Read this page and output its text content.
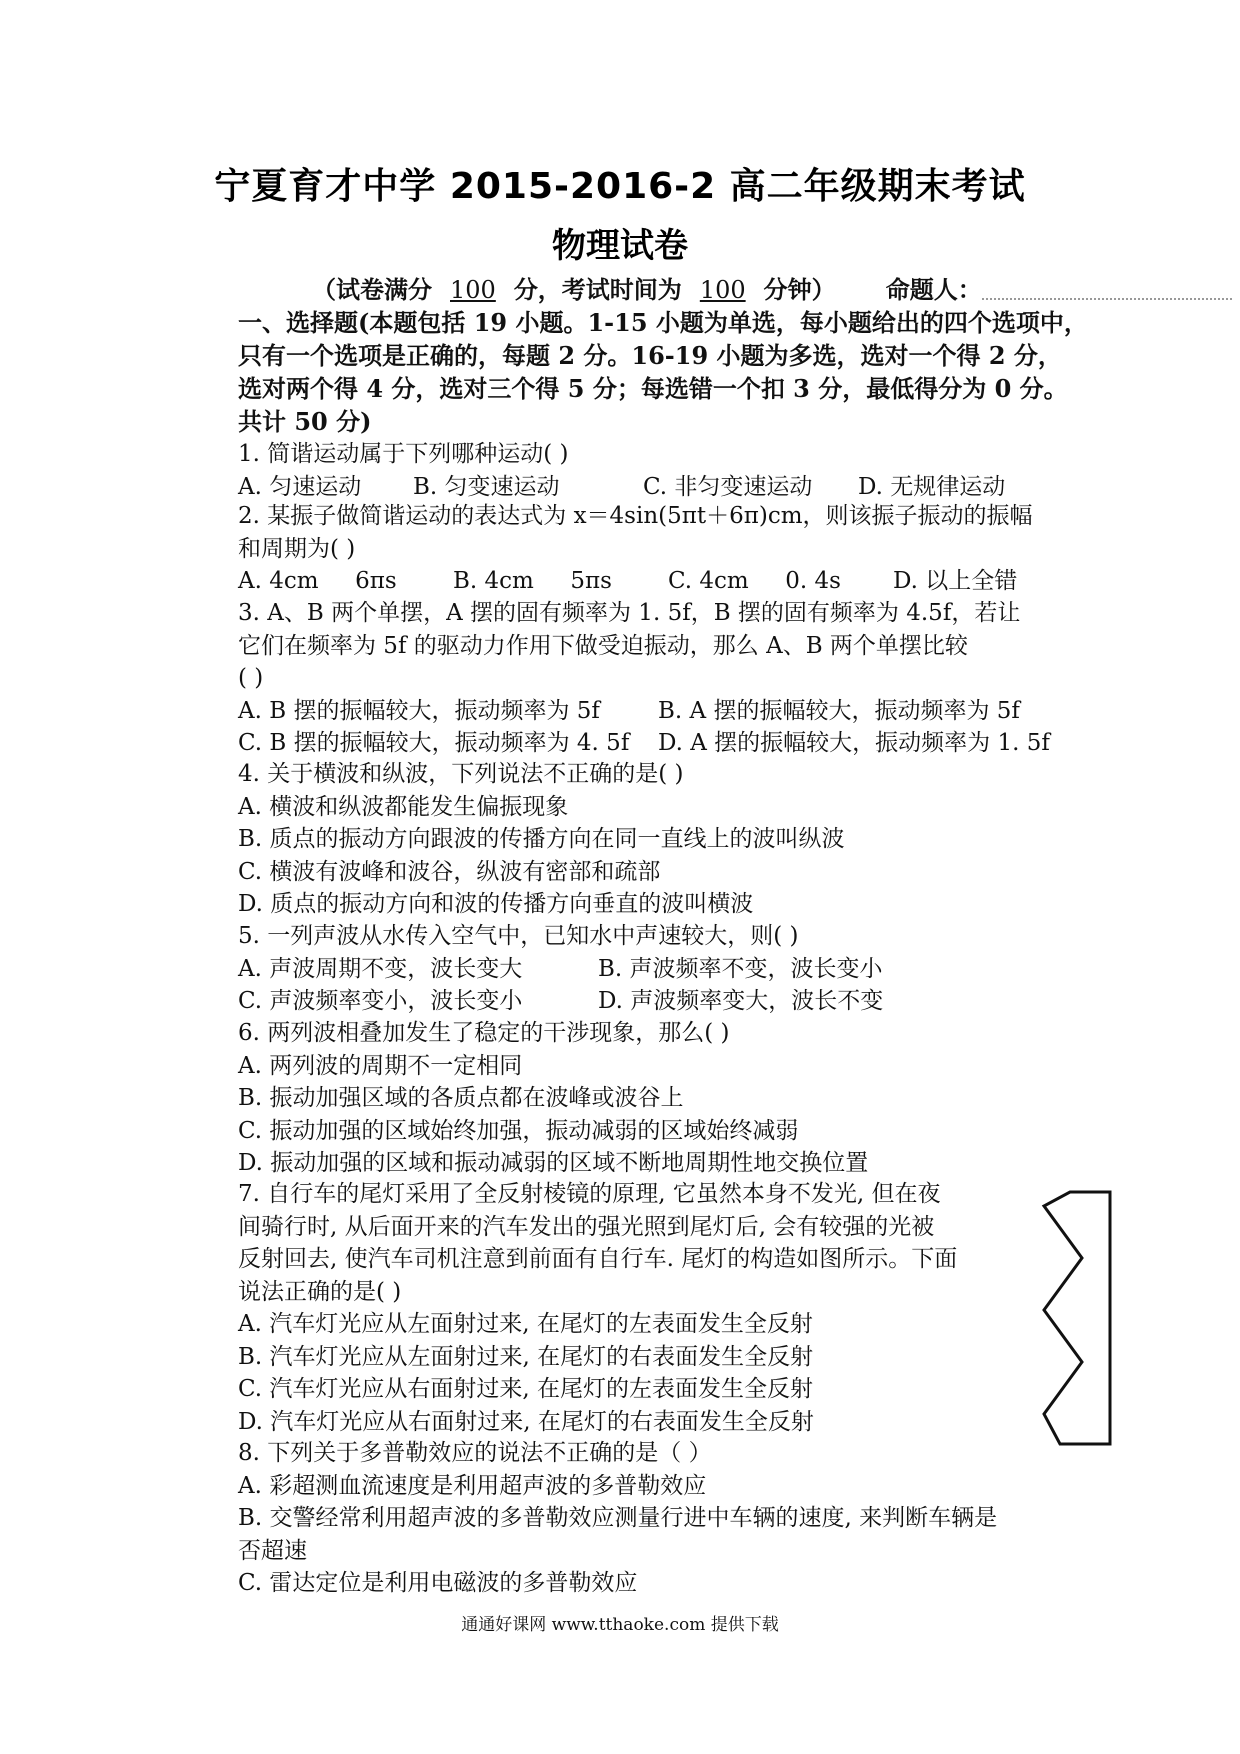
宁夏育才中学 2015-2016-2 高二年级期末考试
物理试卷
（试卷满分 100 分，考试时间为 100 分钟） 命题人：
一、选择题(本题包括 19 小题。1-15 小题为单选，每小题给出的四个选项中，
只有一个选项是正确的，每题 2 分。16-19 小题为多选，选对一个得 2 分，
选对两个得 4 分，选对三个得 5 分；每选错一个扣 3 分，最低得分为 0 分。
共计 50 分)
1. 简谐运动属于下列哪种运动( )
A. 匀速运动	B. 匀变速运动	C. 非匀变速运动	D. 无规律运动
2. 某振子做简谐运动的表达式为 x＝4sin(5πt＋6π)cm，则该振子振动的振幅
和周期为( )
A. 4cm     6πs	B. 4cm     5πs	C. 4cm     0. 4s	D. 以上全错
3. A、B 两个单摆，A 摆的固有频率为 1. 5f，B 摆的固有频率为 4.5f，若让
它们在频率为 5f 的驱动力作用下做受迫振动，那么 A、B 两个单摆比较
( )
A. B 摆的振幅较大，振动频率为 5f	B. A 摆的振幅较大，振动频率为 5f
C. B 摆的振幅较大，振动频率为 4. 5f	D. A 摆的振幅较大，振动频率为 1. 5f
4. 关于横波和纵波，下列说法不正确的是( )
A. 横波和纵波都能发生偏振现象
B. 质点的振动方向跟波的传播方向在同一直线上的波叫纵波
C. 横波有波峰和波谷，纵波有密部和疏部
D. 质点的振动方向和波的传播方向垂直的波叫横波
5. 一列声波从水传入空气中，已知水中声速较大，则( )
A. 声波周期不变，波长变大	B. 声波频率不变，波长变小
C. 声波频率变小，波长变小	D. 声波频率变大，波长不变
6. 两列波相叠加发生了稳定的干涉现象，那么( )
A. 两列波的周期不一定相同
B. 振动加强区域的各质点都在波峰或波谷上
C. 振动加强的区域始终加强，振动减弱的区域始终减弱
D. 振动加强的区域和振动减弱的区域不断地周期性地交换位置
7. 自行车的尾灯采用了全反射棱镜的原理, 它虽然本身不发光, 但在夜
间骑行时, 从后面开来的汽车发出的强光照到尾灯后, 会有较强的光被
反射回去, 使汽车司机注意到前面有自行车. 尾灯的构造如图所示。下面
说法正确的是( )
A. 汽车灯光应从左面射过来, 在尾灯的左表面发生全反射
B. 汽车灯光应从左面射过来, 在尾灯的右表面发生全反射
C. 汽车灯光应从右面射过来, 在尾灯的左表面发生全反射
D. 汽车灯光应从右面射过来, 在尾灯的右表面发生全反射
8. 下列关于多普勒效应的说法不正确的是（ ）
A. 彩超测血流速度是利用超声波的多普勒效应
B. 交警经常利用超声波的多普勒效应测量行进中车辆的速度, 来判断车辆是
否超速
C. 雷达定位是利用电磁波的多普勒效应
通通好课网 www.tthaoke.com 提供下载
